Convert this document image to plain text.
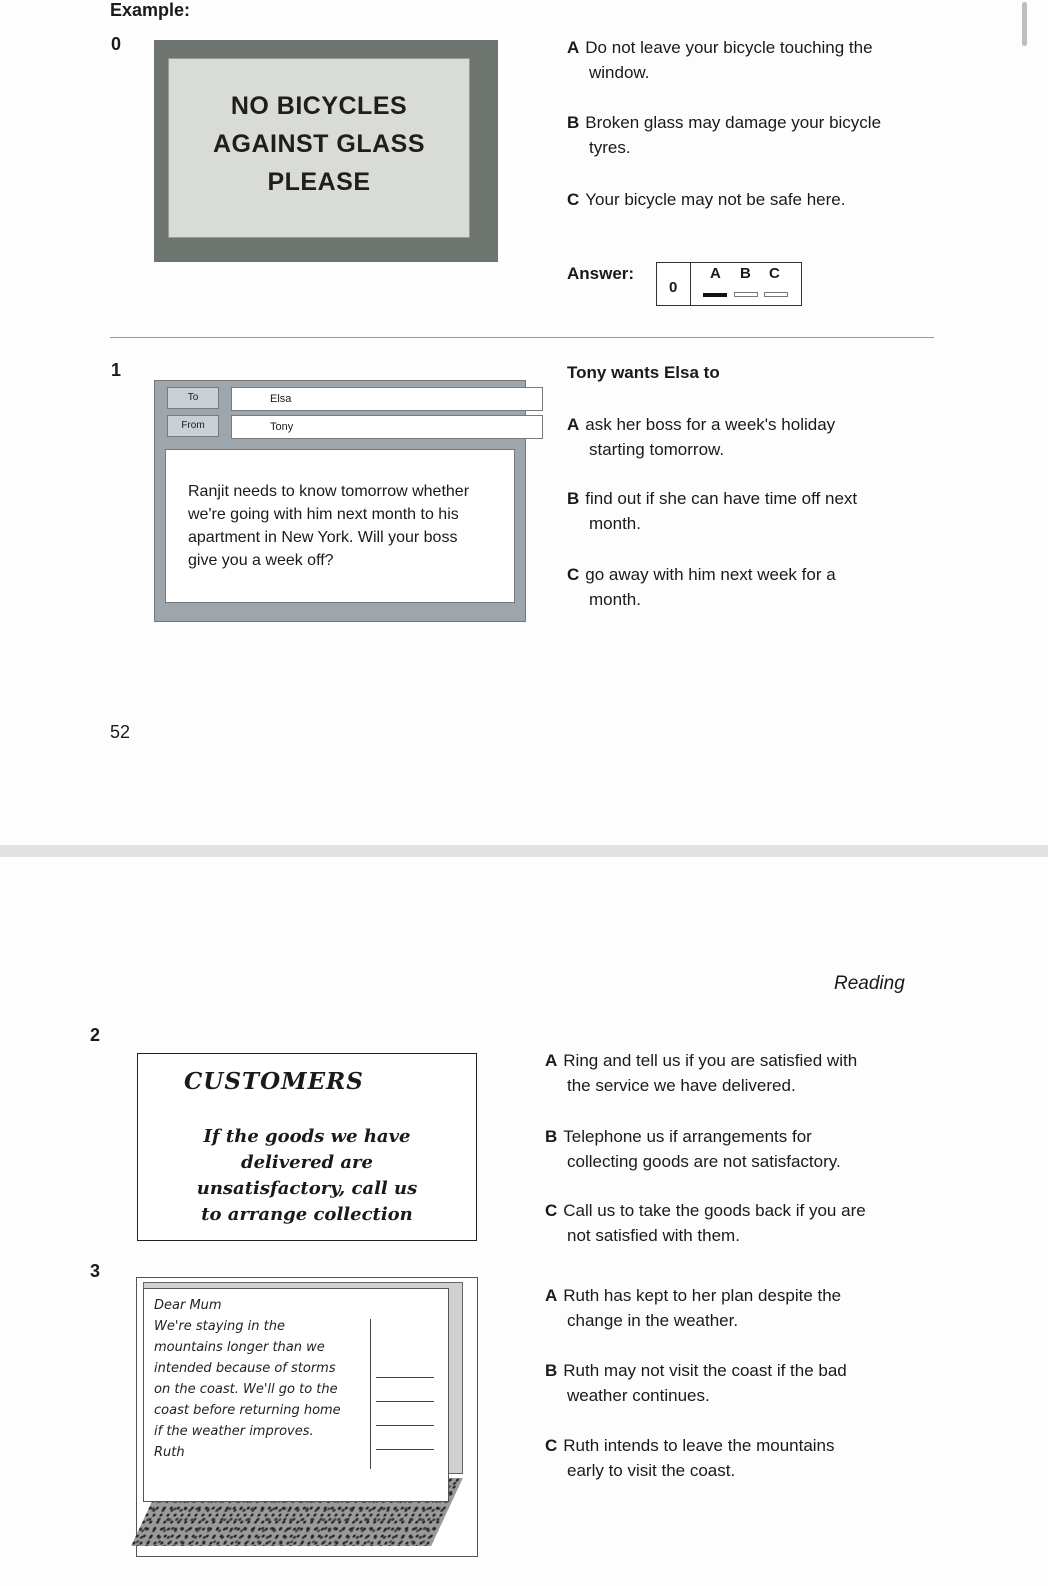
Example:
0
NO BICYCLES
AGAINST GLASS
PLEASE
A Do not leave your bicycle touching the
window.
B Broken glass may damage your bicycle
tyres.
C Your bicycle may not be safe here.
Answer:
0
A B C
1
To	Elsa
From	Tony
Ranjit needs to know tomorrow whether
we're going with him next month to his
apartment in New York. Will your boss
give you a week off?
Tony wants Elsa to
A ask her boss for a week's holiday
starting tomorrow.
B find out if she can have time off next
month.
C go away with him next week for a
month.
52
Reading
2
CUSTOMERS
If the goods we have
delivered are
unsatisfactory, call us
to arrange collection
A Ring and tell us if you are satisfied with
the service we have delivered.
B Telephone us if arrangements for
collecting goods are not satisfactory.
C Call us to take the goods back if you are
not satisfied with them.
3
Dear Mum
We're staying in the
mountains longer than we
intended because of storms
on the coast. We'll go to the
coast before returning home
if the weather improves.
Ruth
A Ruth has kept to her plan despite the
change in the weather.
B Ruth may not visit the coast if the bad
weather continues.
C Ruth intends to leave the mountains
early to visit the coast.
